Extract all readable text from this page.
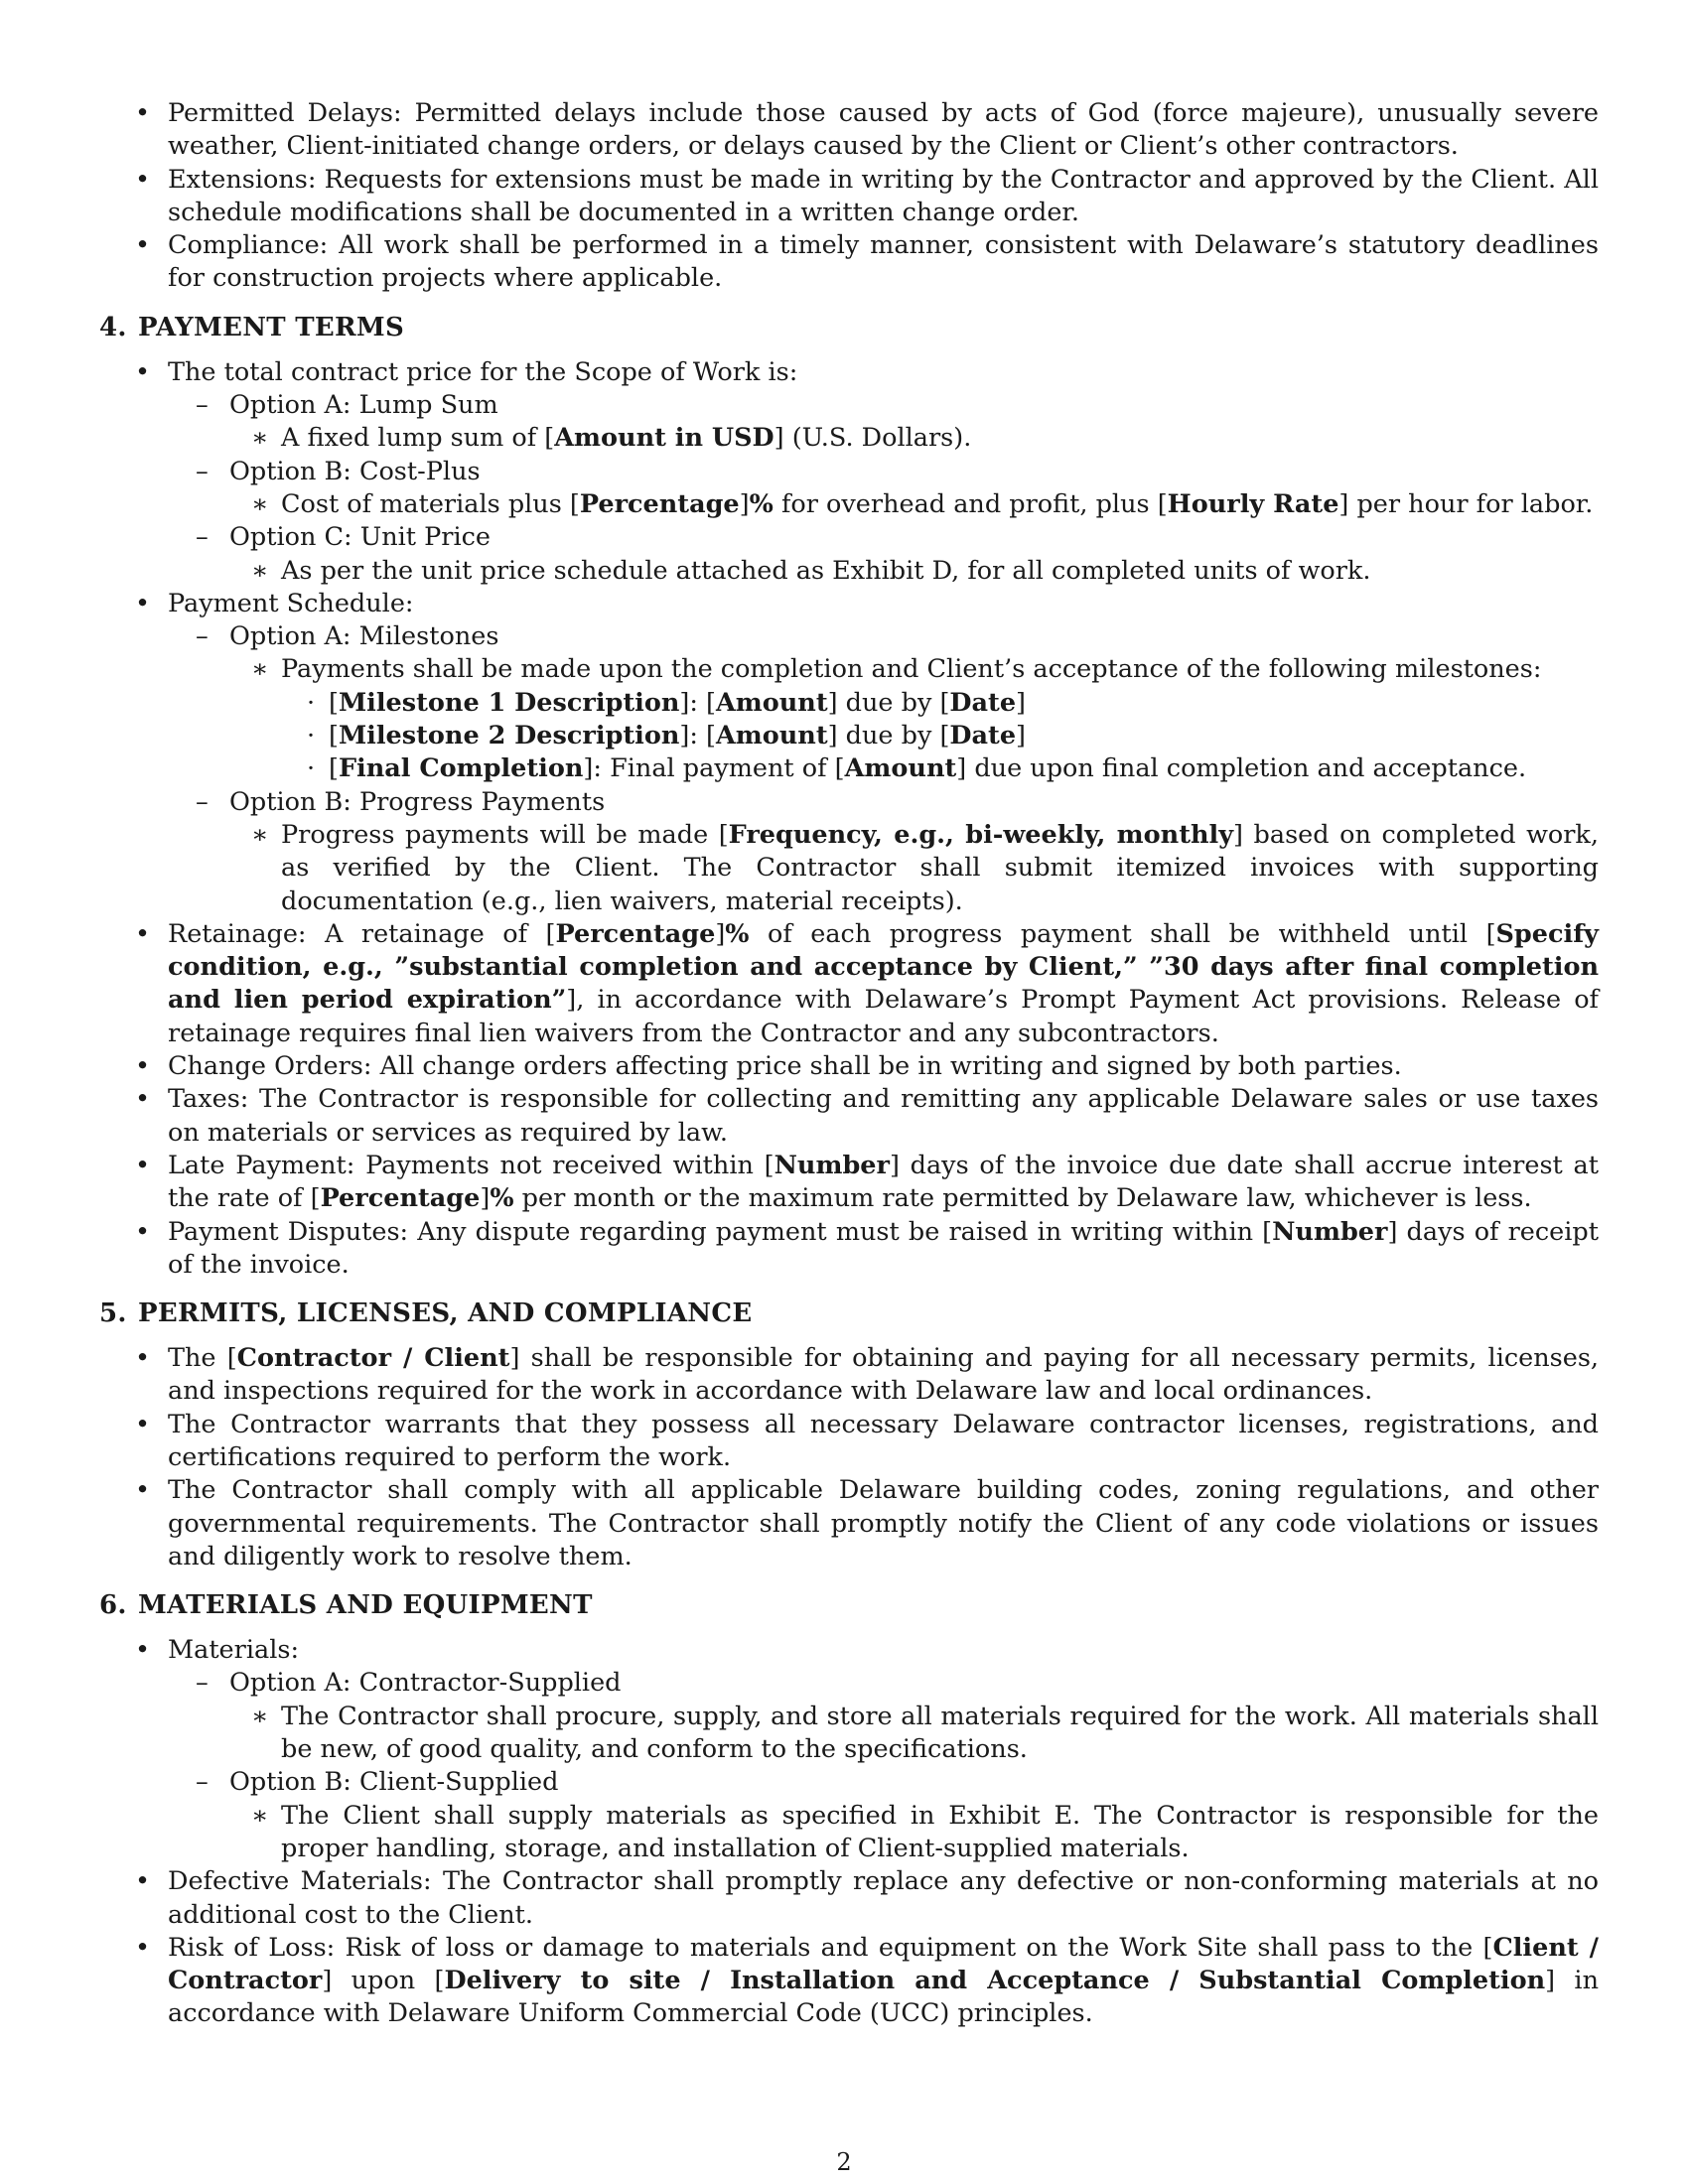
• Permitted Delays: Permitted delays include those caused by acts of God (force majeure), unusually severe weather, Client-initiated change orders, or delays caused by the Client or Client’s other contractors.
• Extensions: Requests for extensions must be made in writing by the Contractor and approved by the Client. All schedule modifications shall be documented in a written change order.
• Compliance: All work shall be performed in a timely manner, consistent with Delaware’s statutory deadlines for construction projects where applicable.
4. PAYMENT TERMS
• The total contract price for the Scope of Work is:
– Option A: Lump Sum
∗ A fixed lump sum of [Amount in USD] (U.S. Dollars).
– Option B: Cost-Plus
∗ Cost of materials plus [Percentage]% for overhead and profit, plus [Hourly Rate] per hour for labor.
– Option C: Unit Price
∗ As per the unit price schedule attached as Exhibit D, for all completed units of work.
• Payment Schedule:
– Option A: Milestones
∗ Payments shall be made upon the completion and Client’s acceptance of the following milestones:
· [Milestone 1 Description]: [Amount] due by [Date]
· [Milestone 2 Description]: [Amount] due by [Date]
· [Final Completion]: Final payment of [Amount] due upon final completion and acceptance.
– Option B: Progress Payments
∗ Progress payments will be made [Frequency, e.g., bi-weekly, monthly] based on completed work, as verified by the Client. The Contractor shall submit itemized invoices with supporting documentation (e.g., lien waivers, material receipts).
• Retainage: A retainage of [Percentage]% of each progress payment shall be withheld until [Specify condition, e.g., ”substantial completion and acceptance by Client,” ”30 days after final completion and lien period expiration”], in accordance with Delaware’s Prompt Payment Act provisions. Release of retainage requires final lien waivers from the Contractor and any subcontractors.
• Change Orders: All change orders affecting price shall be in writing and signed by both parties.
• Taxes: The Contractor is responsible for collecting and remitting any applicable Delaware sales or use taxes on materials or services as required by law.
• Late Payment: Payments not received within [Number] days of the invoice due date shall accrue interest at the rate of [Percentage]% per month or the maximum rate permitted by Delaware law, whichever is less.
• Payment Disputes: Any dispute regarding payment must be raised in writing within [Number] days of receipt of the invoice.
5. PERMITS, LICENSES, AND COMPLIANCE
• The [Contractor / Client] shall be responsible for obtaining and paying for all necessary permits, licenses, and inspections required for the work in accordance with Delaware law and local ordinances.
• The Contractor warrants that they possess all necessary Delaware contractor licenses, registrations, and certifications required to perform the work.
• The Contractor shall comply with all applicable Delaware building codes, zoning regulations, and other governmental requirements. The Contractor shall promptly notify the Client of any code violations or issues and diligently work to resolve them.
6. MATERIALS AND EQUIPMENT
• Materials:
– Option A: Contractor-Supplied
∗ The Contractor shall procure, supply, and store all materials required for the work. All materials shall be new, of good quality, and conform to the specifications.
– Option B: Client-Supplied
∗ The Client shall supply materials as specified in Exhibit E. The Contractor is responsible for the proper handling, storage, and installation of Client-supplied materials.
• Defective Materials: The Contractor shall promptly replace any defective or non-conforming materials at no additional cost to the Client.
• Risk of Loss: Risk of loss or damage to materials and equipment on the Work Site shall pass to the [Client / Contractor] upon [Delivery to site / Installation and Acceptance / Substantial Completion] in accordance with Delaware Uniform Commercial Code (UCC) principles.
2
